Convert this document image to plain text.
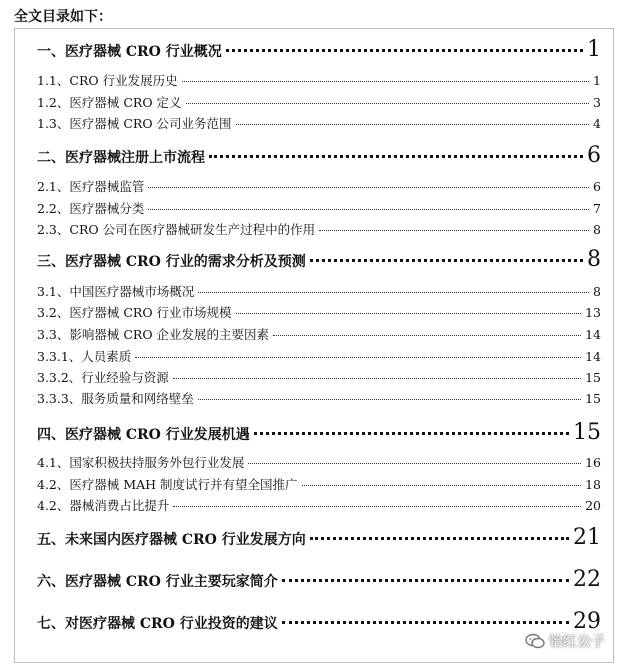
全文目录如下：
一、医疗器械 CRO 行业概况	1
1.1、CRO 行业发展历史	1
1.2、医疗器械 CRO 定义	3
1.3、医疗器械 CRO 公司业务范围	4
二、医疗器械注册上市流程	6
2.1、医疗器械监管	6
2.2、医疗器械分类	7
2.3、CRO 公司在医疗器械研发生产过程中的作用	8
三、医疗器械 CRO 行业的需求分析及预测	8
3.1、中国医疗器械市场概况	8
3.2、医疗器械 CRO 行业市场规模	13
3.3、影响器械 CRO 企业发展的主要因素	14
3.3.1、人员素质	14
3.3.2、行业经验与资源	15
3.3.3、服务质量和网络壁垒	15
四、医疗器械 CRO 行业发展机遇	15
4.1、国家积极扶持服务外包行业发展	16
4.2、医疗器械 MAH 制度试行并有望全国推广	18
4.2、器械消费占比提升	20
五、未来国内医疗器械 CRO 行业发展方向	21
六、医疗器械 CRO 行业主要玩家简介	22
七、对医疗器械 CRO 行业投资的建议	29
怡红公子
